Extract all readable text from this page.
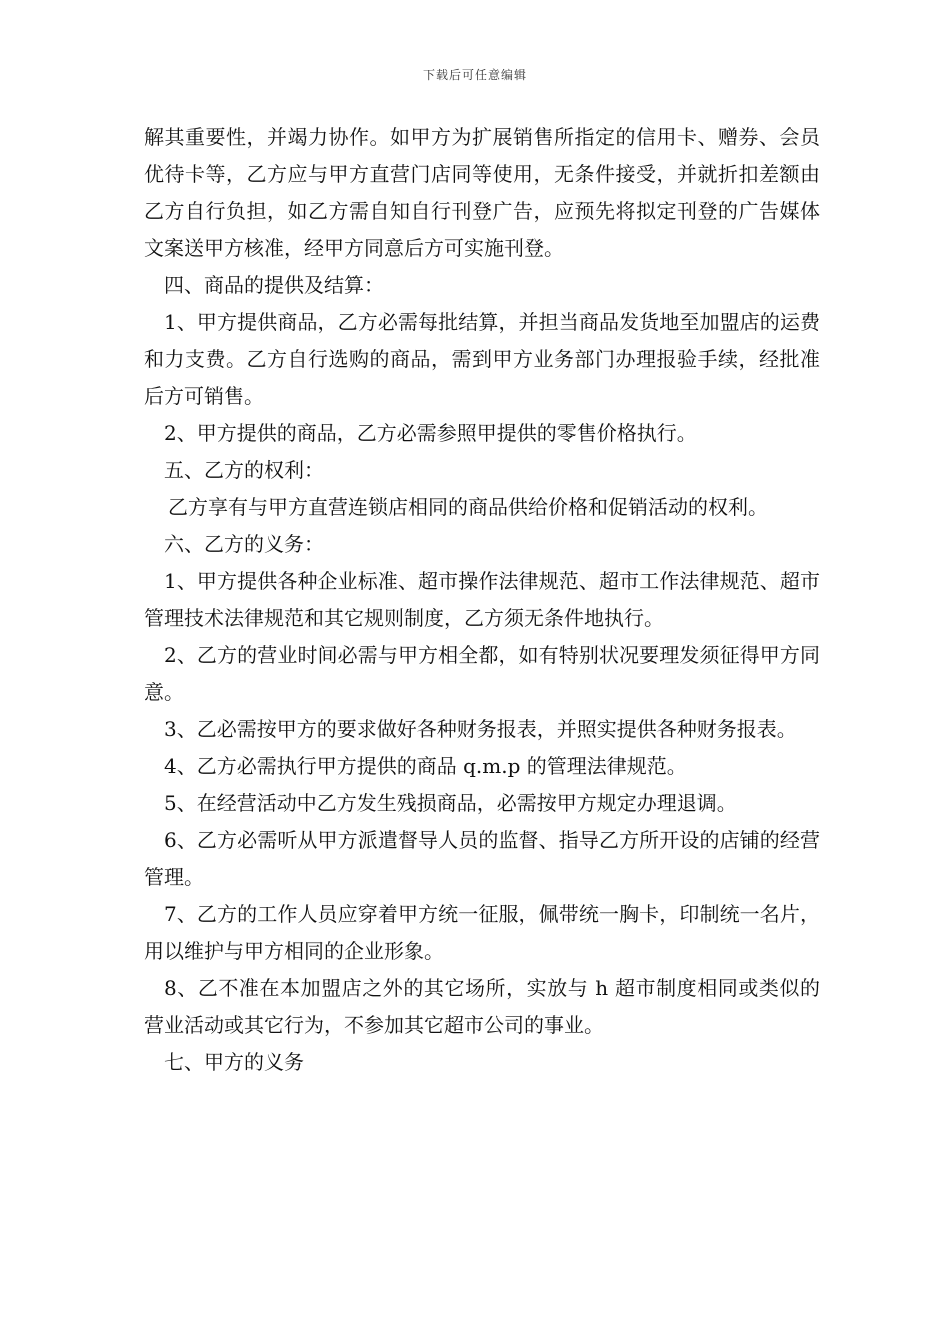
下载后可任意编辑

解其重要性，并竭力协作。如甲方为扩展销售所指定的信用卡、赠券、会员优待卡等，乙方应与甲方直营门店同等使用，无条件接受，并就折扣差额由乙方自行负担，如乙方需自知自行刊登广告，应预先将拟定刊登的广告媒体文案送甲方核准，经甲方同意后方可实施刊登。

四、商品的提供及结算：

1、甲方提供商品，乙方必需每批结算，并担当商品发货地至加盟店的运费和力支费。乙方自行选购的商品，需到甲方业务部门办理报验手续，经批准后方可销售。

2、甲方提供的商品，乙方必需参照甲提供的零售价格执行。

五、乙方的权利：

乙方享有与甲方直营连锁店相同的商品供给价格和促销活动的权利。

六、乙方的义务：

1、甲方提供各种企业标准、超市操作法律规范、超市工作法律规范、超市管理技术法律规范和其它规则制度，乙方须无条件地执行。

2、乙方的营业时间必需与甲方相全都，如有特别状况要理发须征得甲方同意。

3、乙必需按甲方的要求做好各种财务报表，并照实提供各种财务报表。

4、乙方必需执行甲方提供的商品 q.m.p 的管理法律规范。

5、在经营活动中乙方发生残损商品，必需按甲方规定办理退调。

6、乙方必需听从甲方派遣督导人员的监督、指导乙方所开设的店铺的经营管理。

7、乙方的工作人员应穿着甲方统一征服，佩带统一胸卡，印制统一名片，用以维护与甲方相同的企业形象。

8、乙不准在本加盟店之外的其它场所，实放与 h 超市制度相同或类似的营业活动或其它行为，不参加其它超市公司的事业。

七、甲方的义务
